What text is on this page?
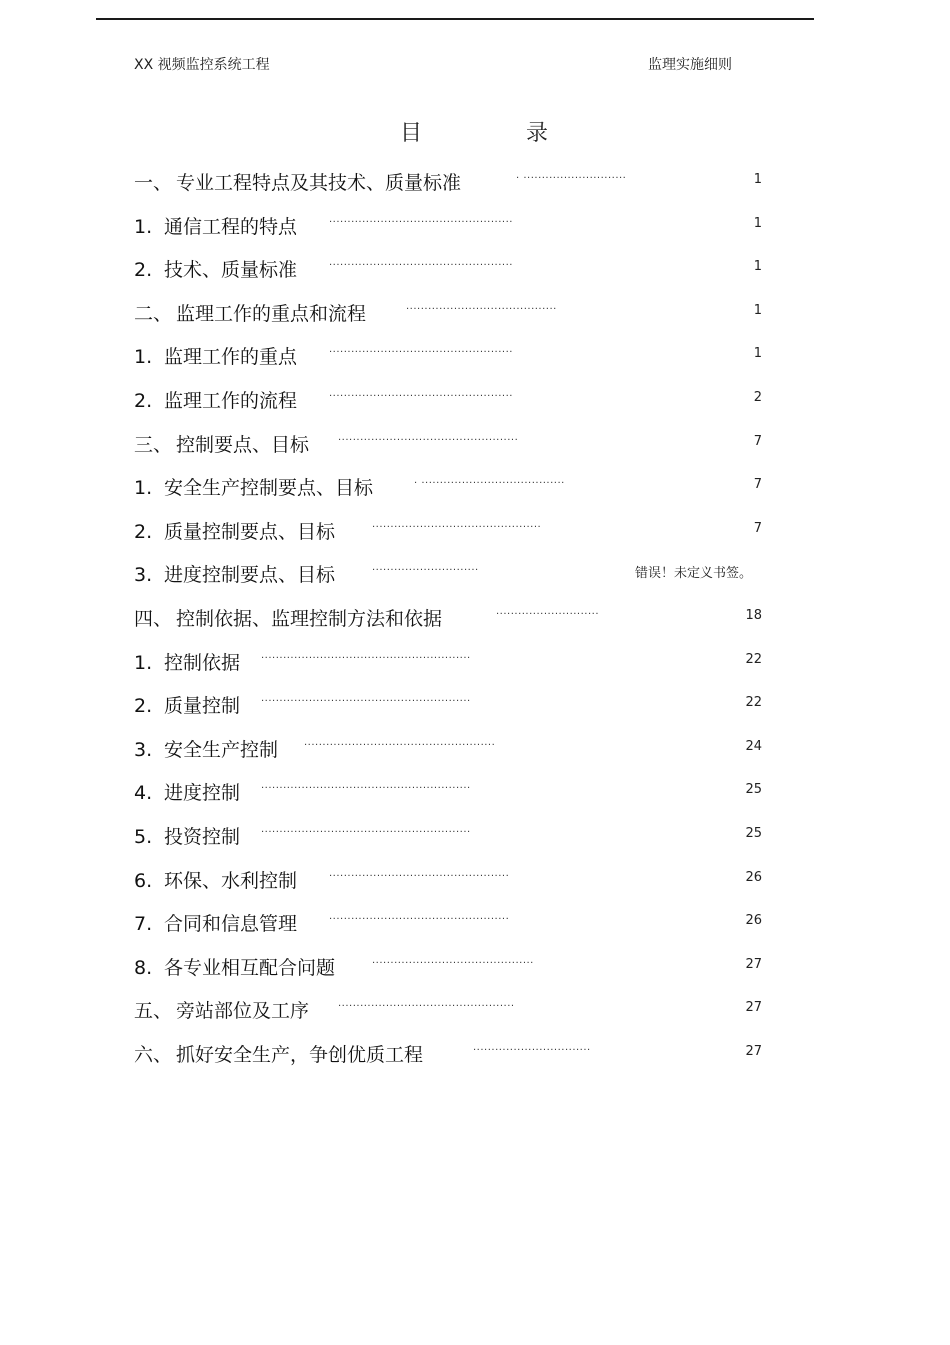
XX 视频监控系统工程	监理实施细则
目	录
一、 专业工程特点及其技术、质量标准	. ............................	1
1. 通信工程的特点	..................................................	1
2. 技术、质量标准	..................................................	1
二、 监理工作的重点和流程	.........................................	1
1. 监理工作的重点	..................................................	1
2. 监理工作的流程	..................................................	2
三、 控制要点、目标	.................................................	7
1. 安全生产控制要点、目标	. .......................................	7
2. 质量控制要点、目标	..............................................	7
3. 进度控制要点、目标	.............................	错误！未定义书签。
四、 控制依据、监理控制方法和依据	............................	18
1. 控制依据 .........................................................	22
2. 质量控制 .........................................................	22
3. 安全生产控制	....................................................	24
4. 进度控制 .........................................................	25
5. 投资控制 .........................................................	25
6. 环保、水利控制	.................................................	26
7. 合同和信息管理	.................................................	26
8. 各专业相互配合问题	............................................	27
五、 旁站部位及工序	................................................	27
六、 抓好安全生产，争创优质工程	................................	27
